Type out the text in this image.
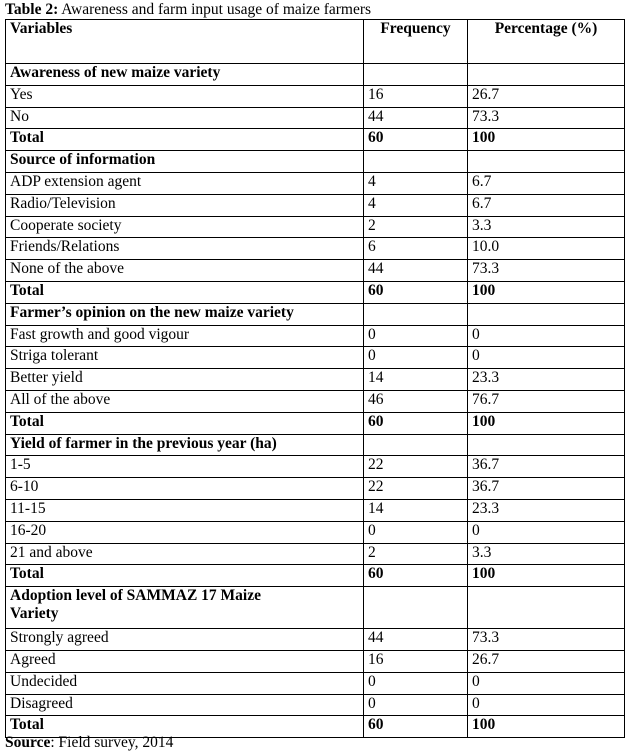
Table 2: Awareness and farm input usage of maize farmers
Variables	Frequency	Percentage (%)
Awareness of new maize variety		
Yes	16	26.7
No	44	73.3
Total	60	100
Source of information		
ADP extension agent	4	6.7
Radio/Television	4	6.7
Cooperate society	2	3.3
Friends/Relations	6	10.0
None of the above	44	73.3
Total	60	100
Farmer’s opinion on the new maize variety		
Fast growth and good vigour	0	0
Striga tolerant	0	0
Better yield	14	23.3
All of the above	46	76.7
Total	60	100
Yield of farmer in the previous year (ha)		
1-5	22	36.7
6-10	22	36.7
11-15	14	23.3
16-20	0	0
21 and above	2	3.3
Total	60	100

Adoption level of SAMMAZ 17 Maize
Variety		

Strongly agreed	44	73.3
Agreed	16	26.7
Undecided	0	0
Disagreed	0	0
Total	60	100
Source: Field survey, 2014
